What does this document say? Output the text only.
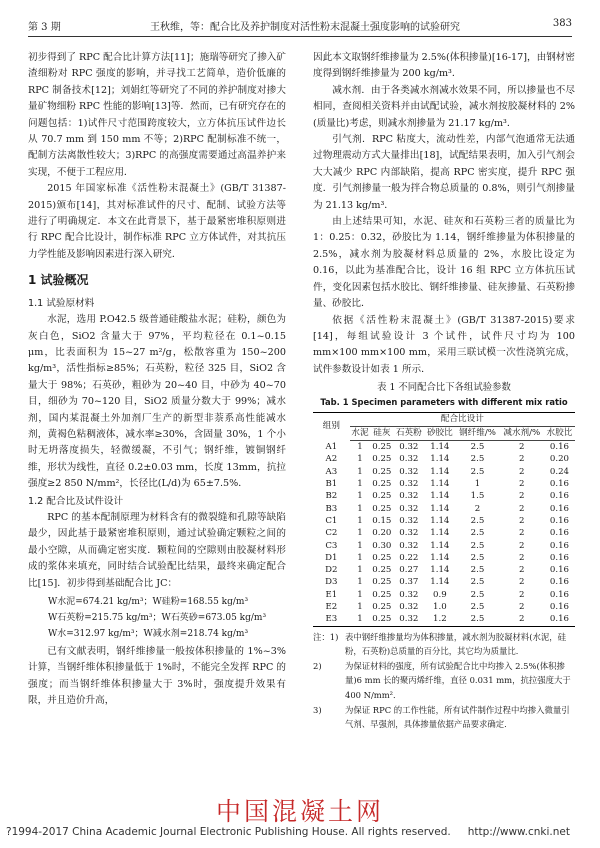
第 3 期	王秋维，等：配合比及养护制度对活性粉末混凝土强度影响的试验研究	383

初步得到了 RPC 配合比计算方法[11]；施瑞等研究了掺入矿渣细粉对 RPC 强度的影响，并寻找工艺简单，造价低廉的 RPC 制备技术[12]；刘娟红等研究了不同的养护制度对掺大量矿物细粉 RPC 性能的影响[13]等．然而，已有研究存在的问题包括：1)试件尺寸范围跨度较大，立方体抗压试件边长从 70.7 mm 到 150 mm 不等；2)RPC 配制标准不统一，配制方法离散性较大；3)RPC 的高强度需要通过高温养护来实现，不便于工程应用．

2015 年国家标准《活性粉末混凝土》(GB/T 31387-2015)颁布[14]，其对标准试件的尺寸、配制、试验方法等进行了明确规定．本文在此背景下，基于最紧密堆积原则进行 RPC 配合比设计，制作标准 RPC 立方体试件，对其抗压力学性能及影响因素进行深入研究．

1 试验概况
1.1 试验原材料

水泥，选用 P.O42.5 级普通硅酸盐水泥；硅粉，颜色为灰白色，SiO2 含量大于 97%，平均粒径在 0.1~0.15 μm，比表面积为 15~27 m²/g，松散容重为 150~200 kg/m³，活性指标≥85%；石英粉，粒径 325 目，SiO2 含量大于 98%；石英砂，粗砂为 20~40 目，中砂为 40~70 目，细砂为 70~120 目，SiO2 质量分数大于 99%；减水剂，国内某混凝土外加剂厂生产的新型非萘系高性能减水剂，黄褐色粘稠液体，减水率≥30%，含固量 30%，1 个小时无坍落度损失，轻微缓凝，不引气；钢纤维，镀铜钢纤维，形状为线性，直径 0.2±0.03 mm，长度 13mm，抗拉强度≥2 850 N/mm²，长径比(L/d)为 65±7.5%．

1.2 配合比及试件设计

RPC 的基本配制原理为材料含有的微裂缝和孔隙等缺陷最少，因此基于最紧密堆积原则，通过试验确定颗粒之间的最小空隙，从而确定密实度．颗粒间的空隙则由胶凝材料形成的浆体来填充，同时结合试验配比结果，最终来确定配合比[15]．初步得到基础配合比 JC：

W水泥=674.21 kg/m³；W硅粉=168.55 kg/m³
W石英粉=215.75 kg/m³；W石英砂=673.05 kg/m³
W水=312.97 kg/m³；W减水剂=218.74 kg/m³

已有文献表明，钢纤维掺量一般按体积掺量的 1%~3%计算，当钢纤维体积掺量低于 1%时，不能完全发挥 RPC 的强度；而当钢纤维体积掺量大于 3%时，强度提升效果有限，并且造价升高，

因此本文取钢纤维掺量为 2.5%(体积掺量)[16-17]，由钢材密度得到钢纤维掺量为 200 kg/m³．

减水剂．由于各类减水剂减水效果不同，所以掺量也不尽相同，查阅相关资料并由试配试验，减水剂按胶凝材料的 2%(质量比)考虑，则减水剂掺量为 21.17 kg/m³．

引气剂．RPC 粘度大，流动性差，内部气泡通常无法通过物理震动方式大量排出[18]，试配结果表明，加入引气剂会大大减少 RPC 内部缺陷，提高 RPC 密实度，提升 RPC 强度．引气剂掺量一般为拌合物总质量的 0.8%，则引气剂掺量为 21.13 kg/m³．

由上述结果可知，水泥、硅灰和石英粉三者的质量比为 1：0.25：0.32，砂胶比为 1.14，钢纤维掺量为体积掺量的 2.5%，减水剂为胶凝材料总质量的 2%，水胶比设定为 0.16，以此为基准配合比，设计 16 组 RPC 立方体抗压试件，变化因素包括水胶比、钢纤维掺量、硅灰掺量、石英粉掺量、砂胶比．

依据《活性粉末混凝土》(GB/T 31387-2015)要求[14]，每组试验设计 3 个试件，试件尺寸均为 100 mm×100 mm×100 mm，采用三联试模一次性浇筑完成，试件参数设计如表 1 所示．

表 1 不同配合比下各组试验参数
Tab. 1 Specimen parameters with different mix ratio
组别	配合比设计						
	水泥	硅灰	石英粉	砂胶比	钢纤维/%	减水剂/%	水胶比
A1	1	0.25	0.32	1.14	2.5	2	0.16
A2	1	0.25	0.32	1.14	2.5	2	0.20
A3	1	0.25	0.32	1.14	2.5	2	0.24
B1	1	0.25	0.32	1.14	1	2	0.16
B2	1	0.25	0.32	1.14	1.5	2	0.16
B3	1	0.25	0.32	1.14	2	2	0.16
C1	1	0.15	0.32	1.14	2.5	2	0.16
C2	1	0.20	0.32	1.14	2.5	2	0.16
C3	1	0.30	0.32	1.14	2.5	2	0.16
D1	1	0.25	0.22	1.14	2.5	2	0.16
D2	1	0.25	0.27	1.14	2.5	2	0.16
D3	1	0.25	0.37	1.14	2.5	2	0.16
E1	1	0.25	0.32	0.9	2.5	2	0.16
E2	1	0.25	0.32	1.0	2.5	2	0.16
E3	1	0.25	0.32	1.2	2.5	2	0.16
注：1) 表中钢纤维掺量均为体积掺量，减水剂为胶凝材料(水泥，硅粉，石英粉)总质量的百分比，其它均为质量比．
2)	为保证材料的强度，所有试验配合比中均掺入 2.5%(体积掺量)6 mm 长的聚丙烯纤维，直径 0.031 mm，抗拉强度大于 400 N/mm²．
3)	为保证 RPC 的工作性能，所有试件制作过程中均掺入微量引气剂、早强剂，具体掺量依据产品要求确定．
中国混凝土网
?1994-2017 China Academic Journal Electronic Publishing House. All rights reserved. http://www.cnki.net
